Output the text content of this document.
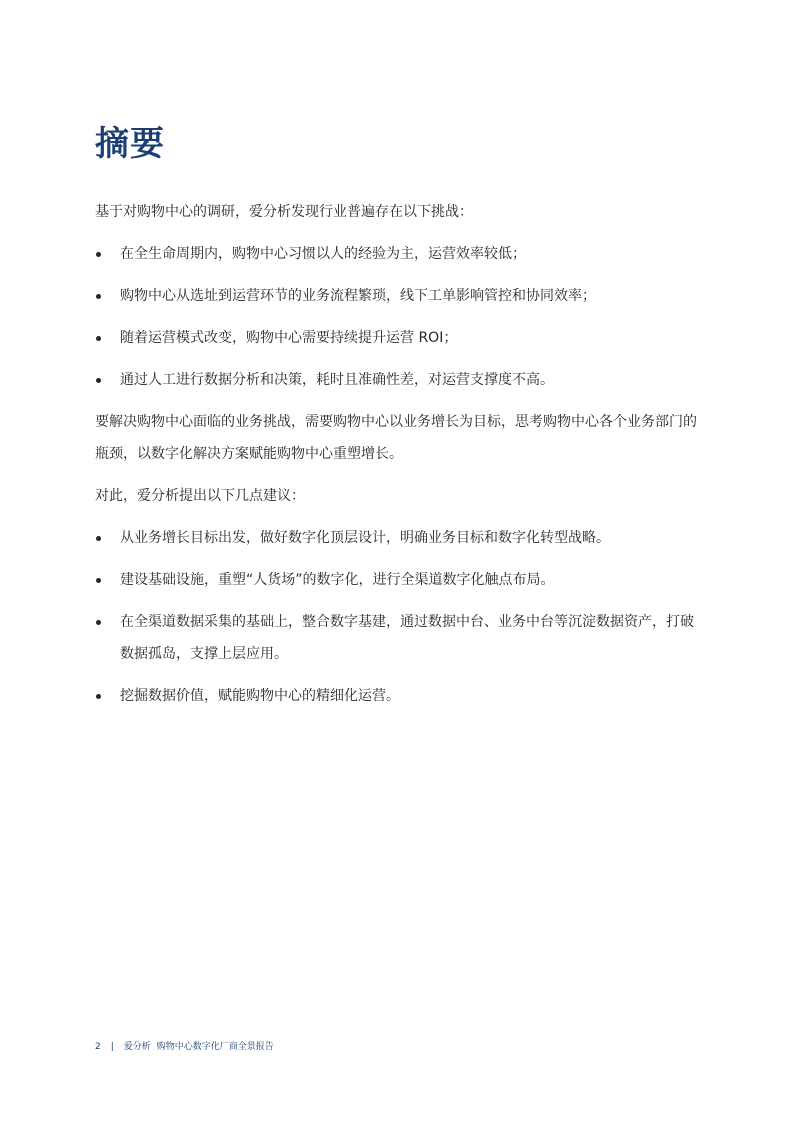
摘要

基于对购物中心的调研，爱分析发现行业普遍存在以下挑战：

在全生命周期内，购物中心习惯以人的经验为主，运营效率较低；
购物中心从选址到运营环节的业务流程繁琐，线下工单影响管控和协同效率；
随着运营模式改变，购物中心需要持续提升运营 ROI；
通过人工进行数据分析和决策，耗时且准确性差，对运营支撑度不高。

要解决购物中心面临的业务挑战，需要购物中心以业务增长为目标，思考购物中心各个业务部门的瓶颈，以数字化解决方案赋能购物中心重塑增长。

对此，爱分析提出以下几点建议：

从业务增长目标出发，做好数字化顶层设计，明确业务目标和数字化转型战略。
建设基础设施，重塑“人货场”的数字化，进行全渠道数字化触点布局。
在全渠道数据采集的基础上，整合数字基建，通过数据中台、业务中台等沉淀数据资产，打破数据孤岛，支撑上层应用。
挖掘数据价值，赋能购物中心的精细化运营。
2 | 爱分析 购物中心数字化厂商全景报告
